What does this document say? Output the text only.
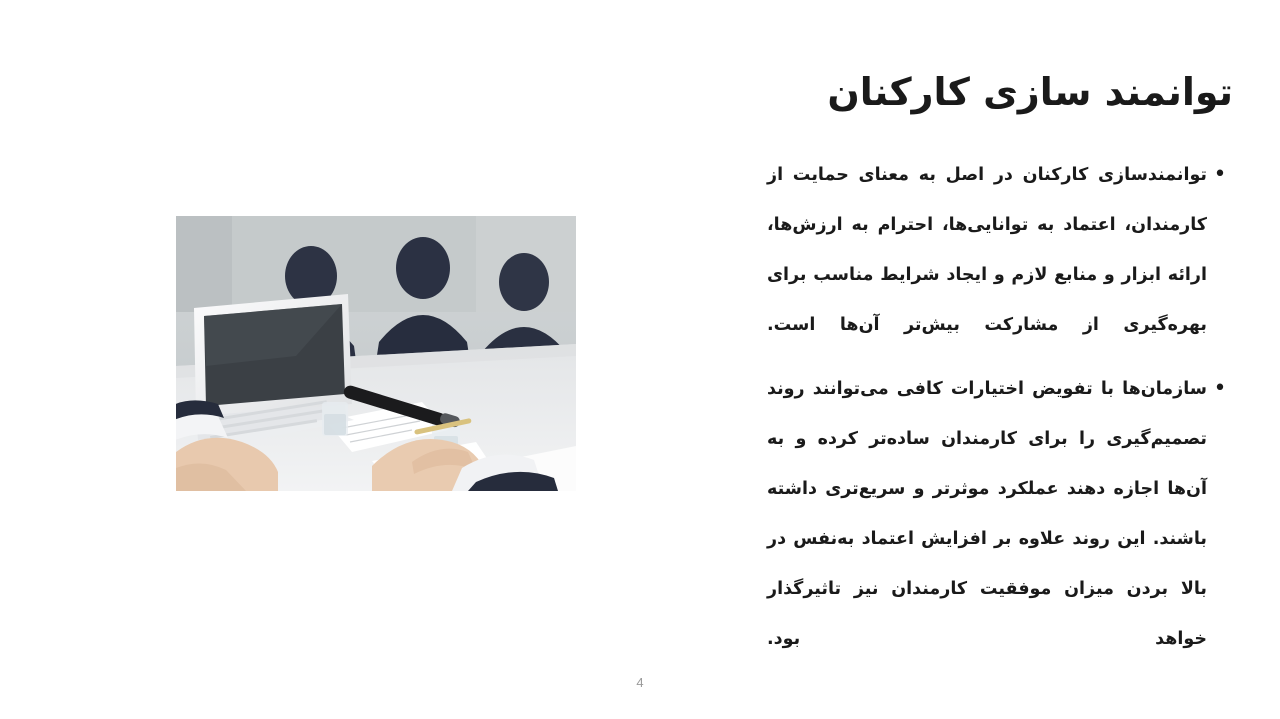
توانمند سازی کارکنان
•
توانمندسازی کارکنان در اصل به معنای حمایت از کارمندان، اعتماد به توانایی‌ها، احترام به ارزش‌ها، ارائه ابزار و منابع لازم و ایجاد شرایط مناسب برای بهره‌گیری از مشارکت بیش‌تر آن‌ها است.
•
سازمان‌ها با تفویض اختیارات کافی می‌توانند روند تصمیم‌گیری را برای کارمندان ساده‌تر کرده و به آن‌ها اجازه دهند عملکرد موثرتر و سریع‌تری داشته باشند. این روند علاوه بر افزایش اعتماد به‌نفس در بالا بردن میزان موفقیت کارمندان نیز تاثیرگذار خواهد بود.
4
